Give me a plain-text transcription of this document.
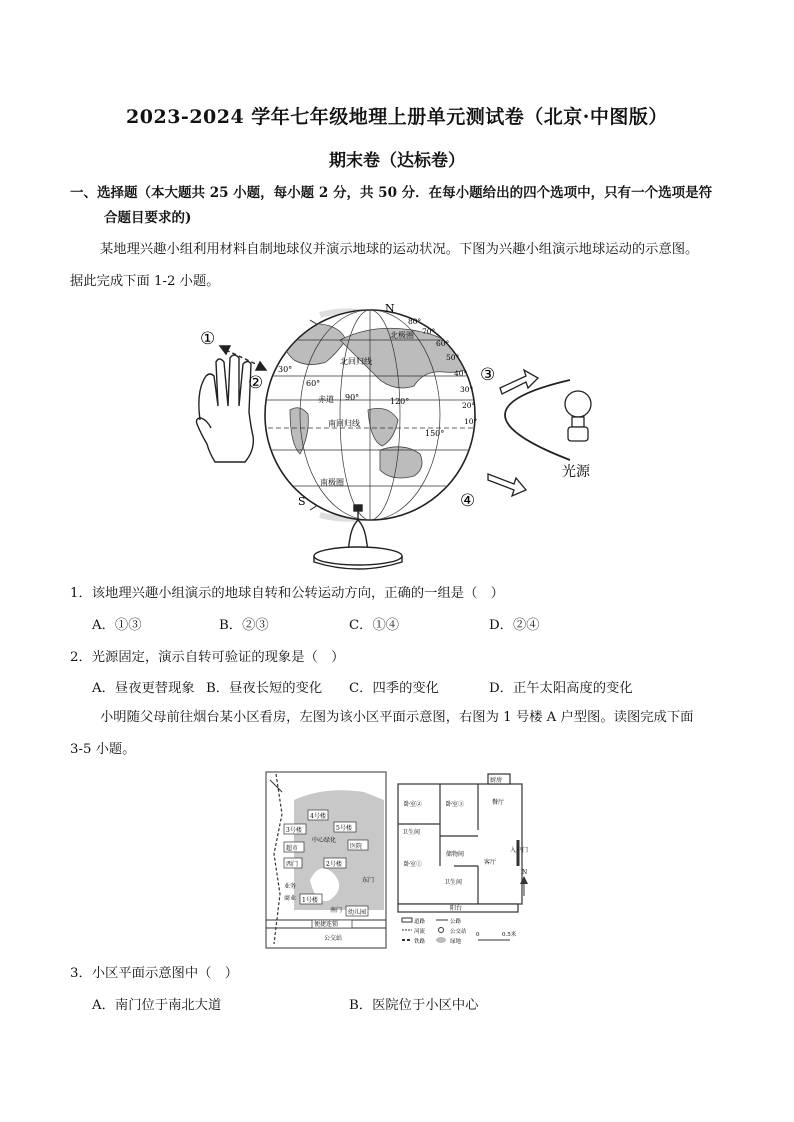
2023-2024 学年七年级地理上册单元测试卷（北京·中图版）
期末卷（达标卷）
一、选择题（本大题共 25 小题，每小题 2 分，共 50 分．在每小题给出的四个选项中，只有一个选项是符
合题目要求的)
某地理兴趣小组利用材料自制地球仪并演示地球的运动状况。下图为兴趣小组演示地球运动的示意图。
据此完成下面 1-2 小题。
①
②
北极圈
北回归线
赤道
南回归线
南极圈
30°
60°
90°	120°
150°
80°
70°
60°
50°
40°
30°
20°
10°
N
S
③
④
光源
1．该地理兴趣小组演示的地球自转和公转运动方向，正确的一组是（　）
A．①③	B．②③	C．①④	D．②④
2．光源固定，演示自转可验证的现象是（　）
A．昼夜更替现象 B．昼夜长短的变化	C．四季的变化	D．正午太阳高度的变化
小明随父母前往烟台某小区看房，左图为该小区平面示意图，右图为 1 号楼 A 户型图。读图完成下面
3-5 小题。
4号楼
3号楼	5号楼
中心绿化
超市	医院
西门	2号楼
东门
业务
1号楼
南门 幼儿园
商业
便捷连锁
公交站
厨房
卧室②	卧室③	餐厅
卫生间
储物间
卧室①
卫生间
客厅
入户门
阳台
N
道路	公路
河流	公交站
铁路	绿地
0	0.5米
3．小区平面示意图中（　）
A．南门位于南北大道	B．医院位于小区中心
